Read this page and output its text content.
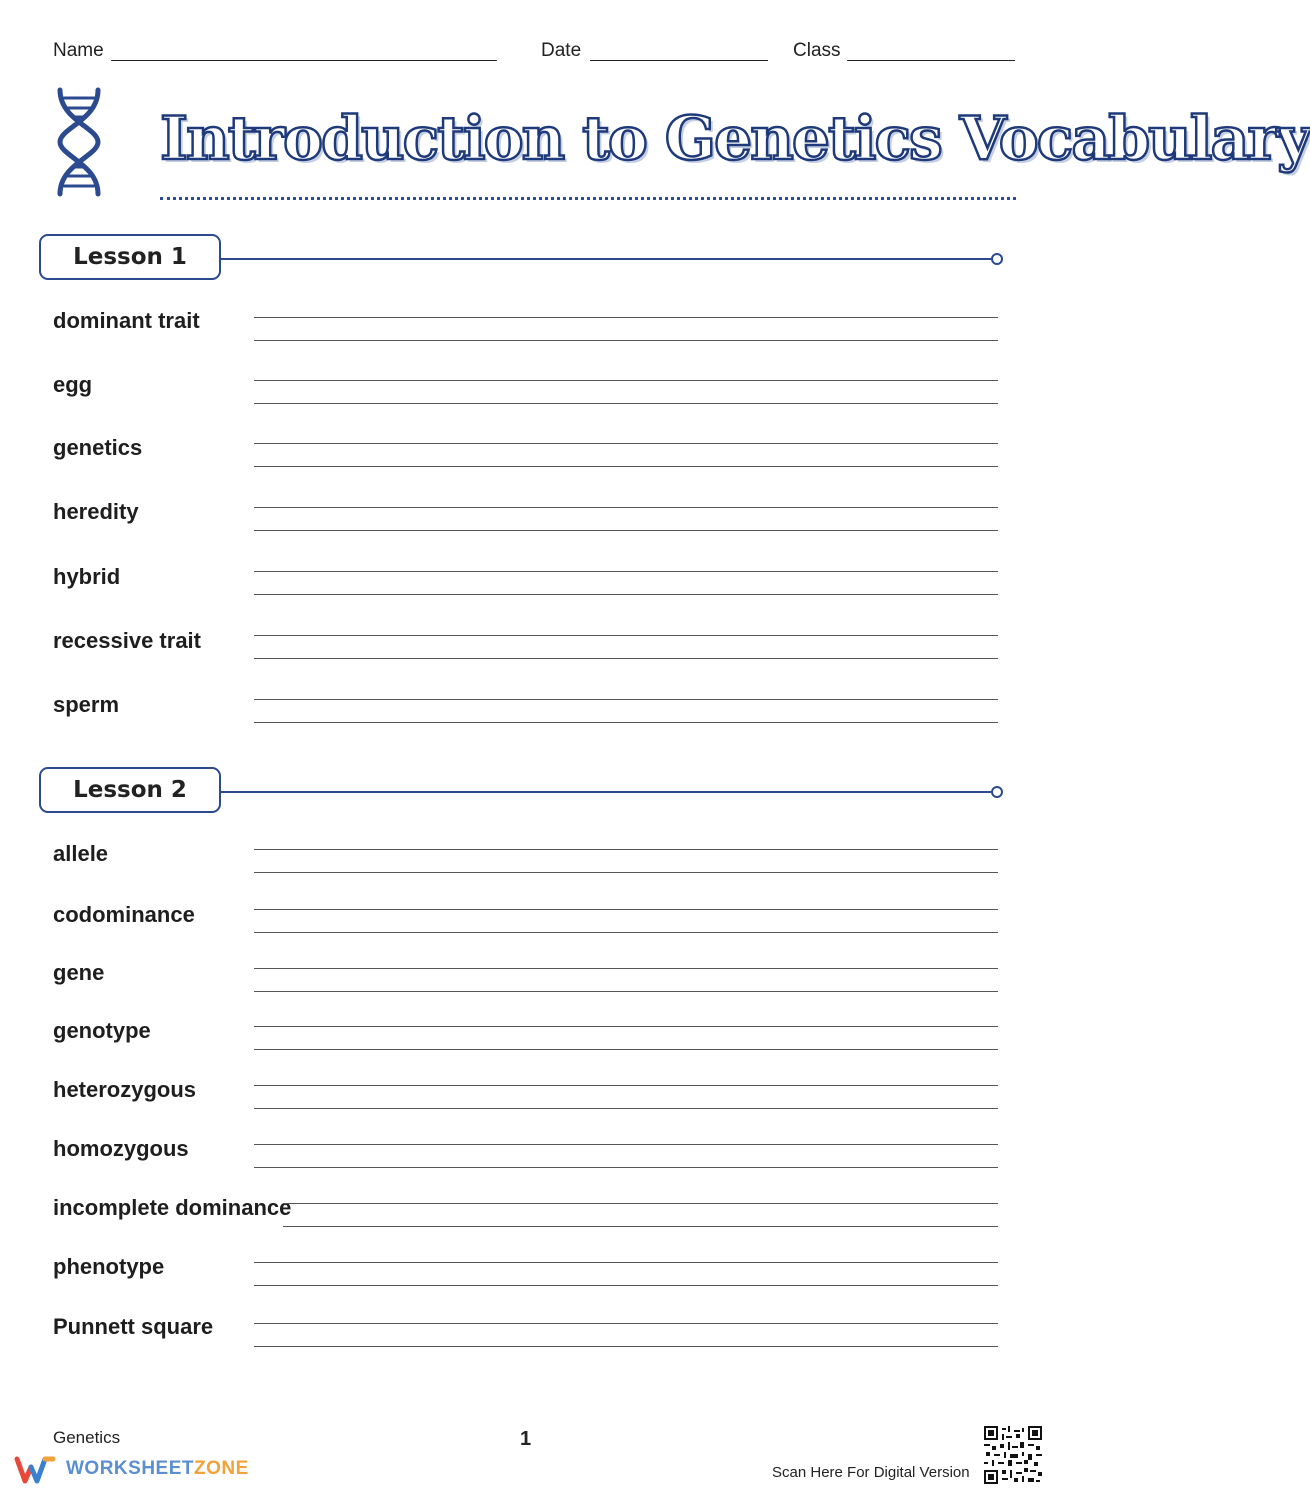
Name	Date	Class
Introduction to Genetics Vocabulary
Lesson 1
dominant trait
egg
genetics
heredity
hybrid
recessive trait
sperm
Lesson 2
allele
codominance
gene
genotype
heterozygous
homozygous
incomplete dominance
phenotype
Punnett square
Genetics	1
WORKSHEETZONE	Scan Here For Digital Version
